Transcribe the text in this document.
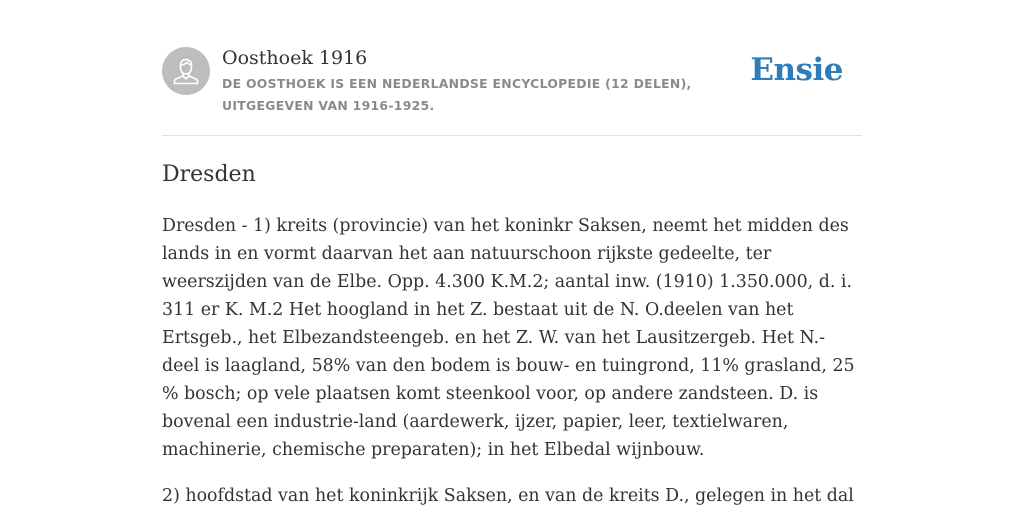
Oosthoek 1916
DE OOSTHOEK IS EEN NEDERLANDSE ENCYCLOPEDIE (12 DELEN), UITGEGEVEN VAN 1916-1925.
Ensie
Dresden

Dresden - 1) kreits (provincie) van het koninkr Saksen, neemt het midden des lands in en vormt daarvan het aan natuurschoon rijkste gedeelte, ter weerszijden van de Elbe. Opp. 4.300 K.M.2; aantal inw. (1910) 1.350.000, d. i. 311 er K. M.2 Het hoogland in het Z. bestaat uit de N. O.deelen van het Ertsgeb., het Elbezandsteengeb. en het Z. W. van het Lausitzergeb. Het N.-deel is laagland, 58% van den bodem is bouw- en tuingrond, 11% grasland, 25 % bosch; op vele plaatsen komt steenkool voor, op andere zandsteen. D. is bovenal een industrie-land (aardewerk, ijzer, papier, leer, textielwaren, machinerie, chemische preparaten); in het Elbedal wijnbouw.

2) hoofdstad van het koninkrijk Saksen, en van de kreits D., gelegen in het dal
